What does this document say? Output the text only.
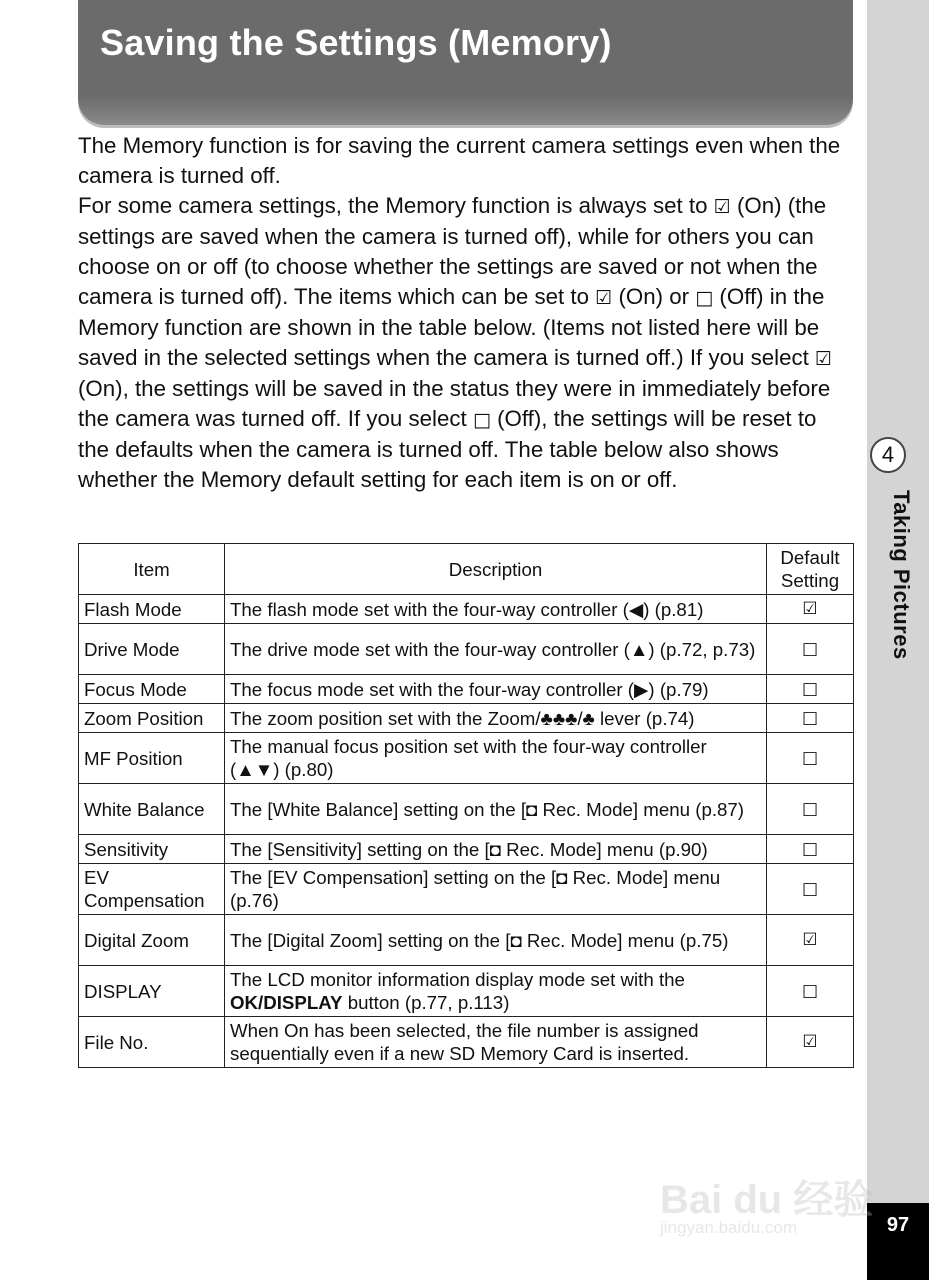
Saving the Settings (Memory)

The Memory function is for saving the current camera settings even when the camera is turned off.

For some camera settings, the Memory function is always set to ☑ (On) (the settings are saved when the camera is turned off), while for others you can choose on or off (to choose whether the settings are saved or not when the camera is turned off). The items which can be set to ☑ (On) or □ (Off) in the Memory function are shown in the table below. (Items not listed here will be saved in the selected settings when the camera is turned off.) If you select ☑ (On), the settings will be saved in the status they were in immediately before the camera was turned off. If you select □ (Off), the settings will be reset to the defaults when the camera is turned off. The table below also shows whether the Memory default setting for each item is on or off.

Item	Description	Default Setting
Flash Mode	The flash mode set with the four-way controller (◀) (p.81)	☑
Drive Mode	The drive mode set with the four-way controller (▲) (p.72, p.73)	□
Focus Mode	The focus mode set with the four-way controller (▶) (p.79)	□
Zoom Position	The zoom position set with the Zoom/♣♣♣/♣ lever (p.74)	□
MF Position	The manual focus position set with the four-way controller (▲▼) (p.80)	□
White Balance	The [White Balance] setting on the [◘ Rec. Mode] menu (p.87)	□
Sensitivity	The [Sensitivity] setting on the [◘ Rec. Mode] menu (p.90)	□
EV Compensation	The [EV Compensation] setting on the [◘ Rec. Mode] menu (p.76)	□
Digital Zoom	The [Digital Zoom] setting on the [◘ Rec. Mode] menu (p.75)	☑
DISPLAY	The LCD monitor information display mode set with the OK/DISPLAY button (p.77, p.113)	□
File No.	When On has been selected, the file number is assigned sequentially even if a new SD Memory Card is inserted.	☑
4
Taking Pictures
97
Bai du 经验
jingyan.baidu.com
